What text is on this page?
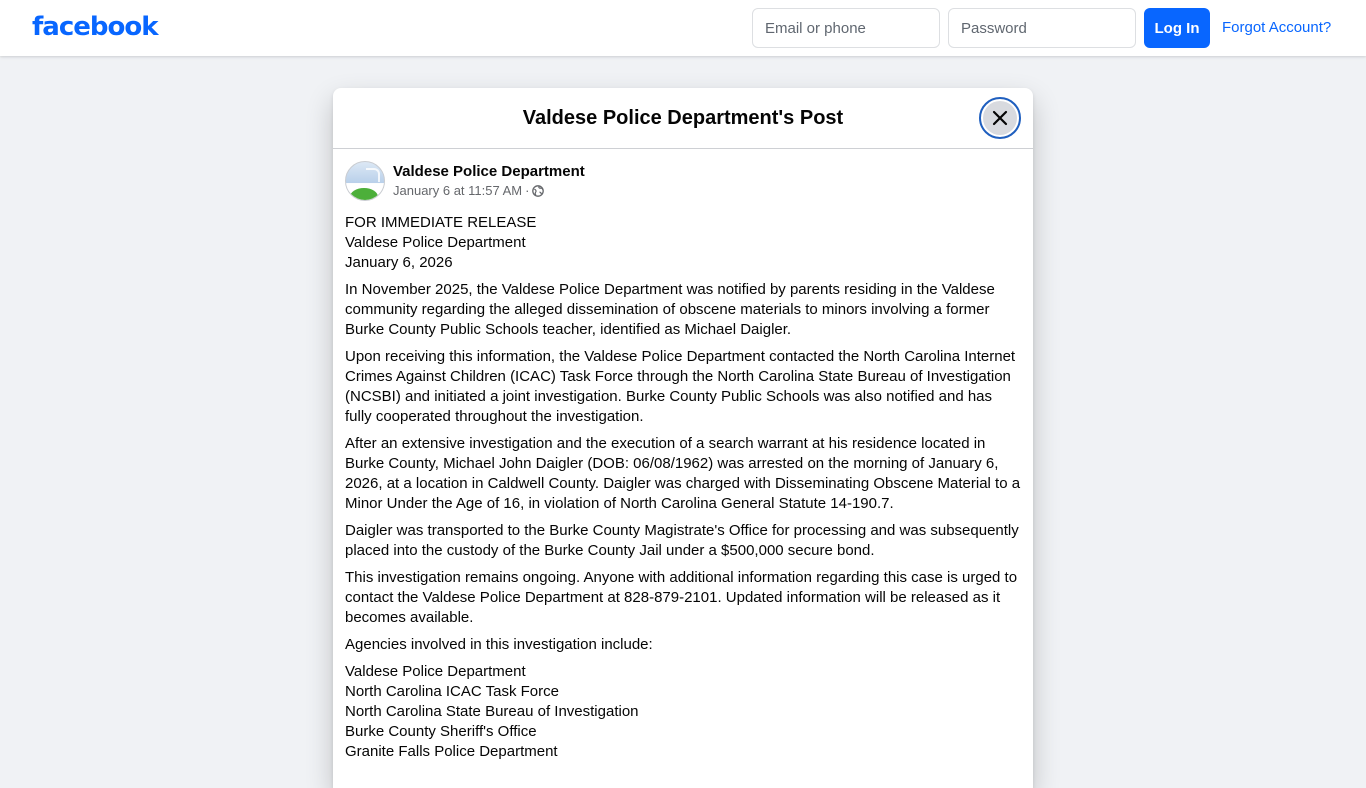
facebook
Email or phone	Log In	Forgot Account?
Valdese Police Department's Post
Valdese Police Department
January 6 at 11:57 AM ·

FOR IMMEDIATE RELEASE
Valdese Police Department
January 6, 2026

In November 2025, the Valdese Police Department was notified by parents residing in the Valdese community regarding the alleged dissemination of obscene materials to minors involving a former Burke County Public Schools teacher, identified as Michael Daigler.

Upon receiving this information, the Valdese Police Department contacted the North Carolina Internet Crimes Against Children (ICAC) Task Force through the North Carolina State Bureau of Investigation (NCSBI) and initiated a joint investigation. Burke County Public Schools was also notified and has fully cooperated throughout the investigation.

After an extensive investigation and the execution of a search warrant at his residence located in Burke County, Michael John Daigler (DOB: 06/08/1962) was arrested on the morning of January 6, 2026, at a location in Caldwell County. Daigler was charged with Disseminating Obscene Material to a Minor Under the Age of 16, in violation of North Carolina General Statute 14-190.7.

Daigler was transported to the Burke County Magistrate's Office for processing and was subsequently placed into the custody of the Burke County Jail under a $500,000 secure bond.

This investigation remains ongoing. Anyone with additional information regarding this case is urged to contact the Valdese Police Department at 828-879-2101. Updated information will be released as it becomes available.

Agencies involved in this investigation include:

Valdese Police Department
North Carolina ICAC Task Force
North Carolina State Bureau of Investigation
Burke County Sheriff's Office
Granite Falls Police Department
